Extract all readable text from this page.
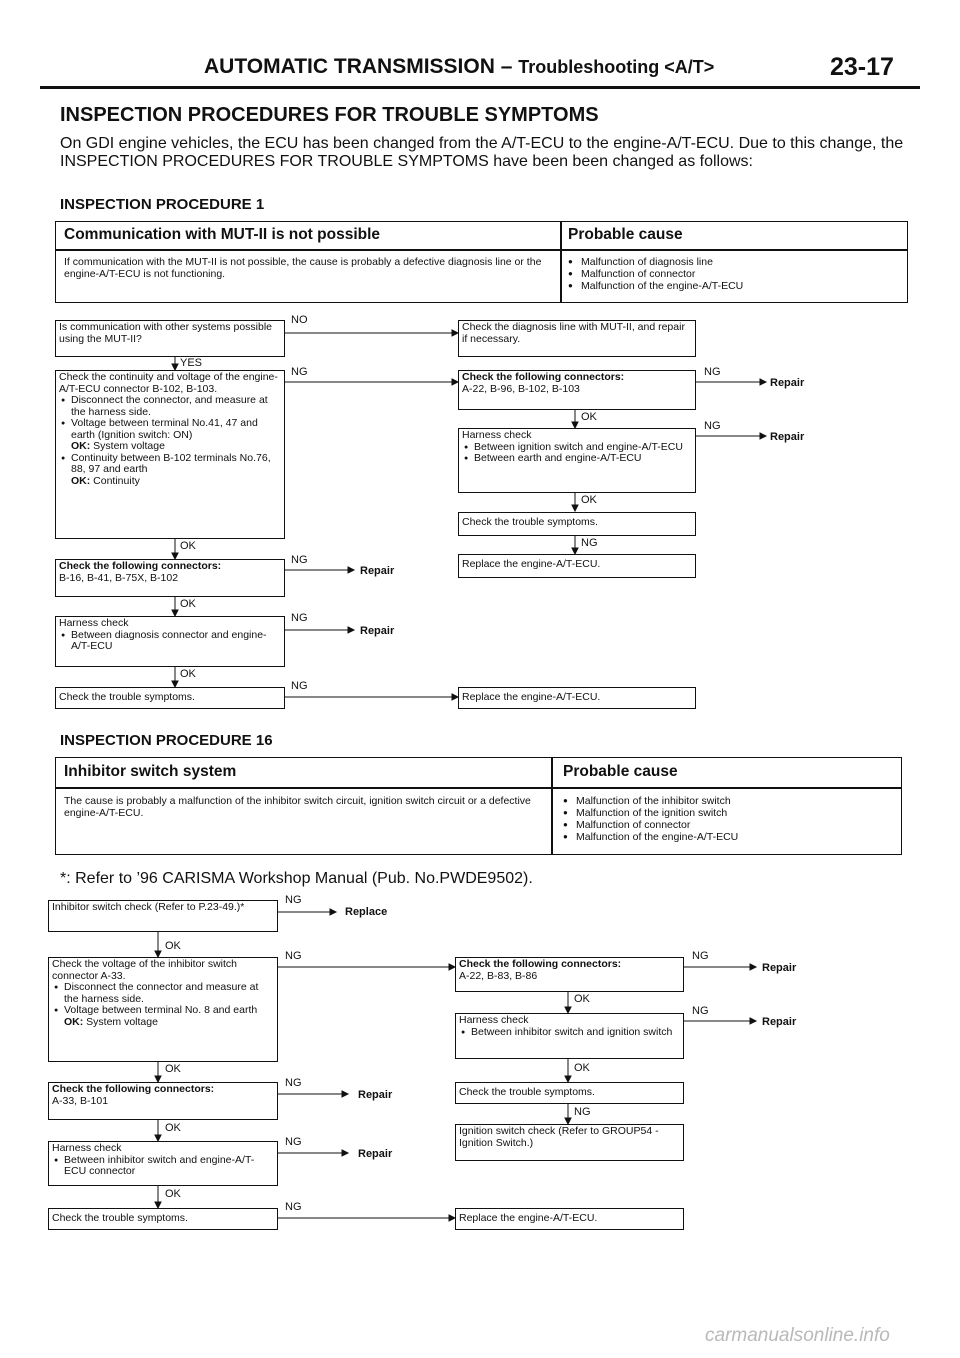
AUTOMATIC TRANSMISSION – Troubleshooting <A/T>	23-17
INSPECTION PROCEDURES FOR TROUBLE SYMPTOMS
On GDI engine vehicles, the ECU has been changed from the A/T-ECU to the engine-A/T-ECU. Due to this change, the INSPECTION PROCEDURES FOR TROUBLE SYMPTOMS have been been changed as follows:
INSPECTION PROCEDURE 1
Communication with MUT-II is not possible	Probable cause
If communication with the MUT-II is not possible, the cause is probably a defective diagnosis line or the engine-A/T-ECU is not functioning.
● Malfunction of diagnosis line
● Malfunction of connector
● Malfunction of the engine-A/T-ECU
Is communication with other systems possible using the MUT-II?
Check the diagnosis line with MUT-II, and repair if necessary.
Check the continuity and voltage of the engine-A/T-ECU connector B-102, B-103.
● Disconnect the connector, and measure at the harness side.
● Voltage between terminal No.41, 47 and earth (Ignition switch: ON)
OK: System voltage
● Continuity between B-102 terminals No.76, 88, 97 and earth
OK: Continuity
Check the following connectors:
A-22, B-96, B-102, B-103
Harness check
● Between ignition switch and engine-A/T-ECU
● Between earth and engine-A/T-ECU
Check the trouble symptoms.
Replace the engine-A/T-ECU.
Check the following connectors:
B-16, B-41, B-75X, B-102
Harness check
● Between diagnosis connector and engine-A/T-ECU
Check the trouble symptoms.	Replace the engine-A/T-ECU.
NO
YES
NG	NG
Repair
OK
NG
Repair
OK
NG
OK
NG
Repair
OK
NG
Repair
OK
NG
INSPECTION PROCEDURE 16
Inhibitor switch system	Probable cause
The cause is probably a malfunction of the inhibitor switch circuit, ignition switch circuit or a defective engine-A/T-ECU.
● Malfunction of the inhibitor switch
● Malfunction of the ignition switch
● Malfunction of connector
● Malfunction of the engine-A/T-ECU
*: Refer to ’96 CARISMA Workshop Manual (Pub. No.PWDE9502).
Inhibitor switch check (Refer to P.23-49.)*
Check the voltage of the inhibitor switch connector A-33.
● Disconnect the connector and measure at the harness side.
● Voltage between terminal No. 8 and earth
OK: System voltage
Check the following connectors:
A-22, B-83, B-86
Harness check
● Between inhibitor switch and ignition switch
Check the following connectors:
A-33, B-101
Check the trouble symptoms.
Ignition switch check (Refer to GROUP54 - Ignition Switch.)
Harness check
● Between inhibitor switch and engine-A/T-ECU connector
Check the trouble symptoms.	Replace the engine-A/T-ECU.
NG
Replace
OK
NG	NG
Repair
OK
NG
Repair
OK
OK
NG
Repair
NG
OK
NG
Repair
OK
NG
carmanualsonline.info
